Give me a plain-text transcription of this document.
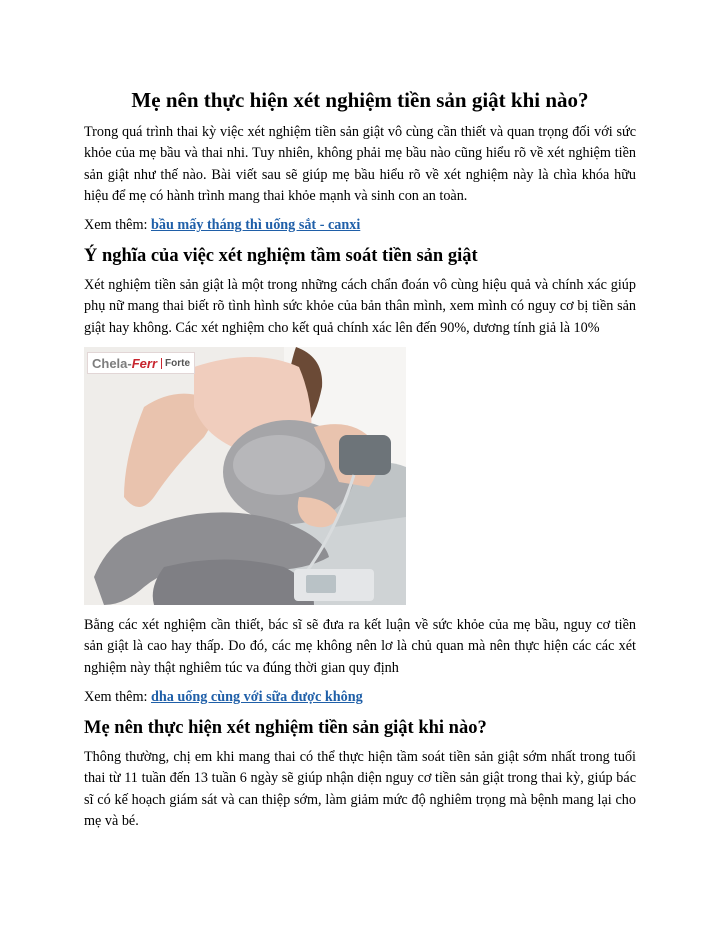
Mẹ nên thực hiện xét nghiệm tiền sản giật khi nào?

Trong quá trình thai kỳ việc xét nghiệm tiền sản giật vô cùng cần thiết và quan trọng đối với sức khỏe của mẹ bầu và thai nhi. Tuy nhiên, không phải mẹ bầu nào cũng hiểu rõ về xét nghiệm tiền sản giật như thế nào. Bài viết sau sẽ giúp mẹ bầu hiểu rõ về xét nghiệm này là chìa khóa hữu hiệu để mẹ có hành trình mang thai khỏe mạnh và sinh con an toàn.

Xem thêm: bầu mấy tháng thì uống sắt - canxi
Ý nghĩa của việc xét nghiệm tầm soát tiền sản giật

Xét nghiệm tiền sản giật là một trong những cách chẩn đoán vô cùng hiệu quả và chính xác giúp phụ nữ mang thai biết rõ tình hình sức khỏe của bản thân mình, xem mình có nguy cơ bị tiền sản giật hay không. Các xét nghiệm cho kết quả chính xác lên đến 90%, dương tính giả là 10%

Chela- Ferr Forte

Bằng các xét nghiệm cần thiết, bác sĩ sẽ đưa ra kết luận về sức khỏe của mẹ bầu, nguy cơ tiền sản giật là cao hay thấp. Do đó, các mẹ không nên lơ là chủ quan mà nên thực hiện các các xét nghiệm này thật nghiêm túc va đúng thời gian quy định

Xem thêm: dha uống cùng với sữa được không
Mẹ nên thực hiện xét nghiệm tiền sản giật khi nào?

Thông thường, chị em khi mang thai có thể thực hiện tầm soát tiền sản giật sớm nhất trong tuổi thai từ 11 tuần đến 13 tuần 6 ngày sẽ giúp nhận diện nguy cơ tiền sản giật trong thai kỳ, giúp bác sĩ có kế hoạch giám sát và can thiệp sớm, làm giảm mức độ nghiêm trọng mà bệnh mang lại cho mẹ và bé.
